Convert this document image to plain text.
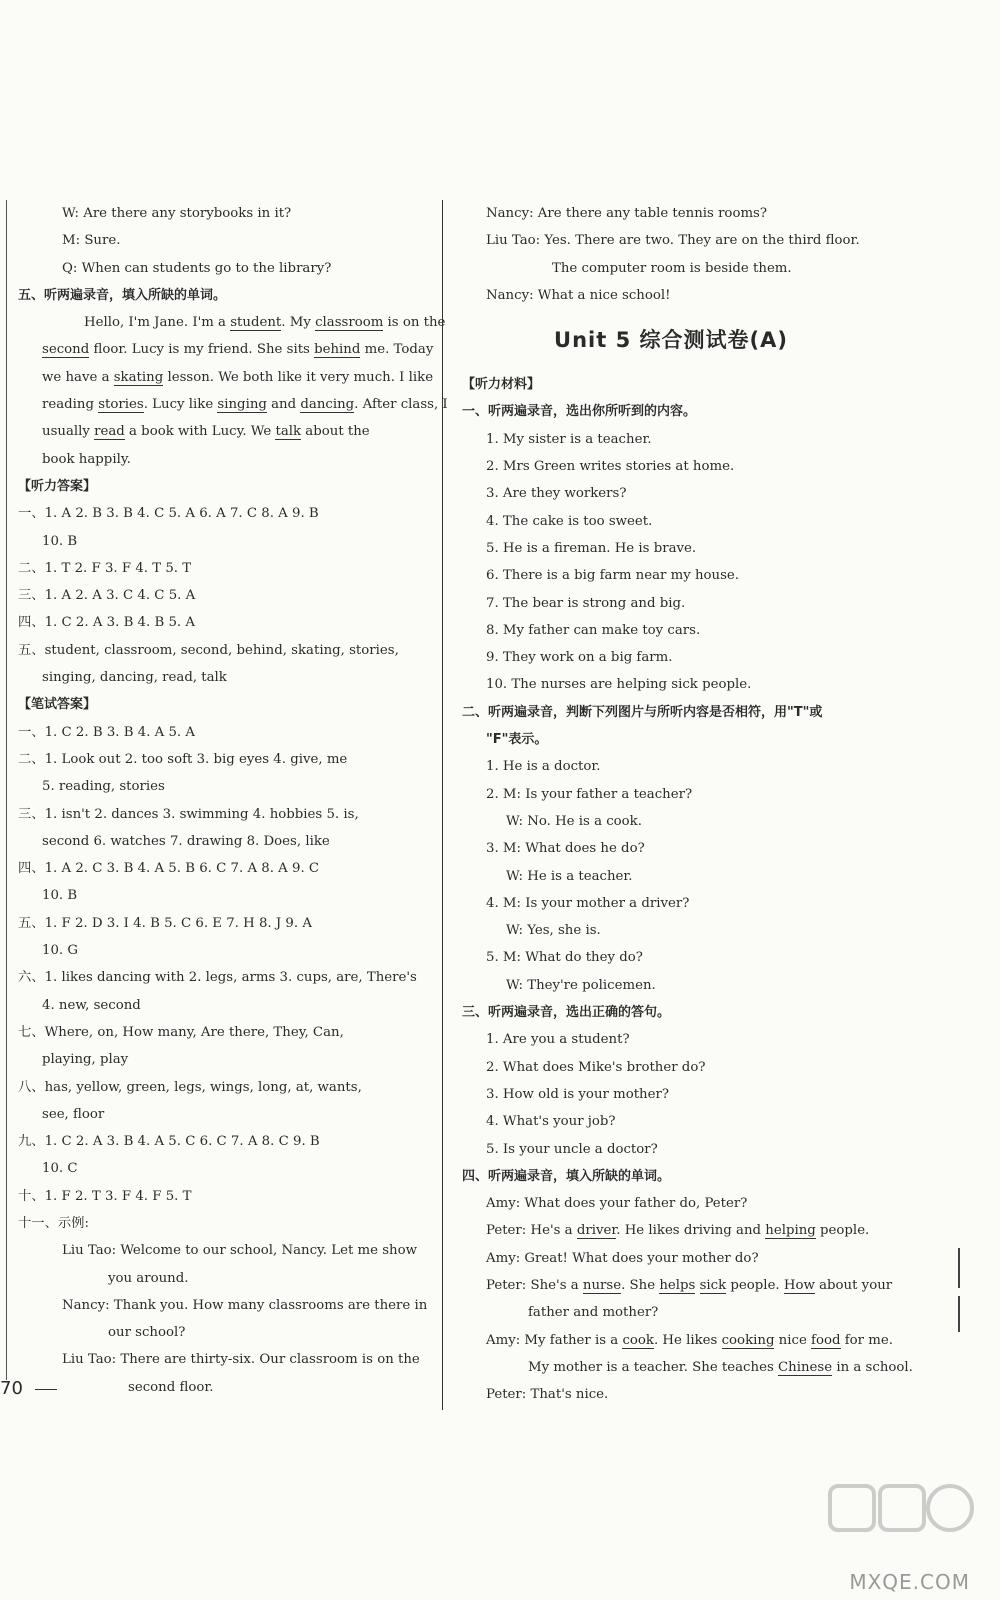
W: Are there any storybooks in it?
M: Sure.
Q: When can students go to the library?
五、听两遍录音，填入所缺的单词。
Hello, I'm Jane. I'm a student. My classroom is on the
second floor. Lucy is my friend. She sits behind me. Today
we have a skating lesson. We both like it very much. I like
reading stories. Lucy like singing and dancing. After class, I
usually read a book with Lucy. We talk about the
book happily.
【听力答案】
一、1. A 2. B 3. B 4. C 5. A 6. A 7. C 8. A 9. B
10. B
二、1. T 2. F 3. F 4. T 5. T
三、1. A 2. A 3. C 4. C 5. A
四、1. C 2. A 3. B 4. B 5. A
五、student, classroom, second, behind, skating, stories,
singing, dancing, read, talk
【笔试答案】
一、1. C 2. B 3. B 4. A 5. A
二、1. Look out 2. too soft 3. big eyes 4. give, me
5. reading, stories
三、1. isn't 2. dances 3. swimming 4. hobbies 5. is,
second 6. watches 7. drawing 8. Does, like
四、1. A 2. C 3. B 4. A 5. B 6. C 7. A 8. A 9. C
10. B
五、1. F 2. D 3. I 4. B 5. C 6. E 7. H 8. J 9. A
10. G
六、1. likes dancing with 2. legs, arms 3. cups, are, There's
4. new, second
七、Where, on, How many, Are there, They, Can,
playing, play
八、has, yellow, green, legs, wings, long, at, wants,
see, floor
九、1. C 2. A 3. B 4. A 5. C 6. C 7. A 8. C 9. B
10. C
十、1. F 2. T 3. F 4. F 5. T
十一、示例:
Liu Tao: Welcome to our school, Nancy. Let me show
you around.
Nancy: Thank you. How many classrooms are there in
our school?
Liu Tao: There are thirty-six. Our classroom is on the
second floor.
70
Nancy: Are there any table tennis rooms?
Liu Tao: Yes. There are two. They are on the third floor.
The computer room is beside them.
Nancy: What a nice school!
Unit 5 综合测试卷(A)
【听力材料】
一、听两遍录音，选出你所听到的内容。
1. My sister is a teacher.
2. Mrs Green writes stories at home.
3. Are they workers?
4. The cake is too sweet.
5. He is a fireman. He is brave.
6. There is a big farm near my house.
7. The bear is strong and big.
8. My father can make toy cars.
9. They work on a big farm.
10. The nurses are helping sick people.
二、听两遍录音，判断下列图片与所听内容是否相符，用"T"或
"F"表示。
1. He is a doctor.
2. M: Is your father a teacher?
W: No. He is a cook.
3. M: What does he do?
W: He is a teacher.
4. M: Is your mother a driver?
W: Yes, she is.
5. M: What do they do?
W: They're policemen.
三、听两遍录音，选出正确的答句。
1. Are you a student?
2. What does Mike's brother do?
3. How old is your mother?
4. What's your job?
5. Is your uncle a doctor?
四、听两遍录音，填入所缺的单词。
Amy: What does your father do, Peter?
Peter: He's a driver. He likes driving and helping people.
Amy: Great! What does your mother do?
Peter: She's a nurse. She helps sick people. How about your
father and mother?
Amy: My father is a cook. He likes cooking nice food for me.
My mother is a teacher. She teaches Chinese in a school.
Peter: That's nice.
MXQE.COM
